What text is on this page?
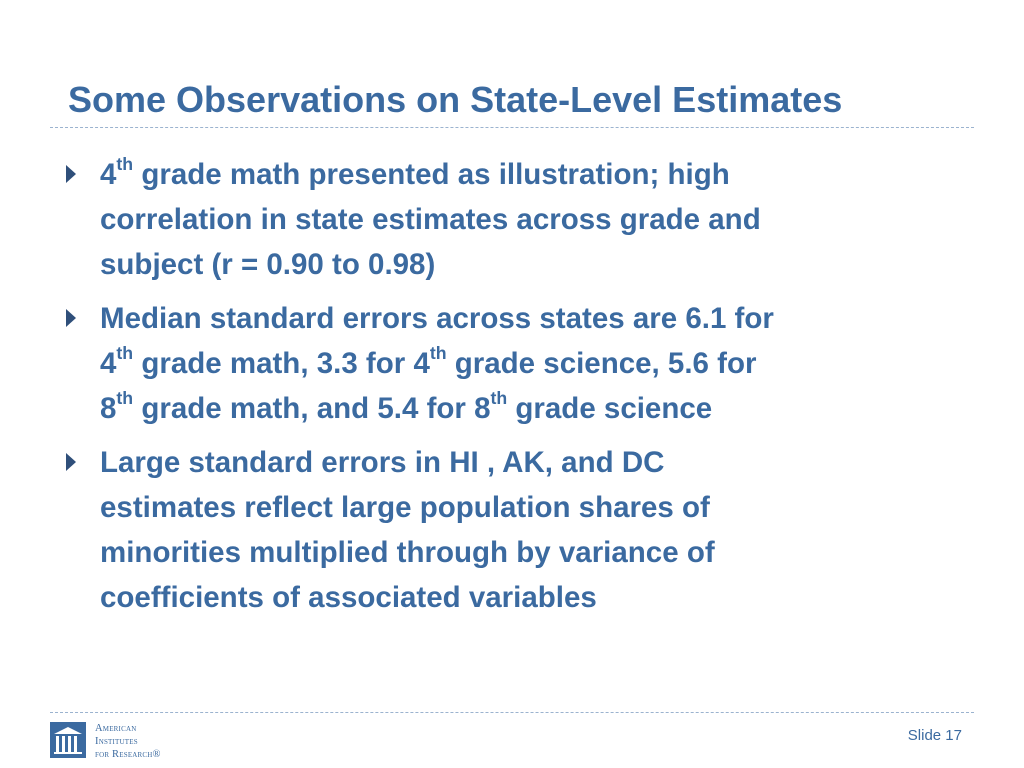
Some Observations on State-Level Estimates
4th grade math presented as illustration; high
correlation in state estimates across grade and
subject (r = 0.90 to 0.98)
Median standard errors across states are 6.1 for
4th grade math, 3.3 for 4th grade science, 5.6 for
8th grade math, and 5.4 for 8th grade science
Large standard errors in HI , AK, and DC
estimates reflect large population shares of
minorities multiplied through by variance of
coefficients of associated variables
American
Institutes
for Research®
Slide 17
